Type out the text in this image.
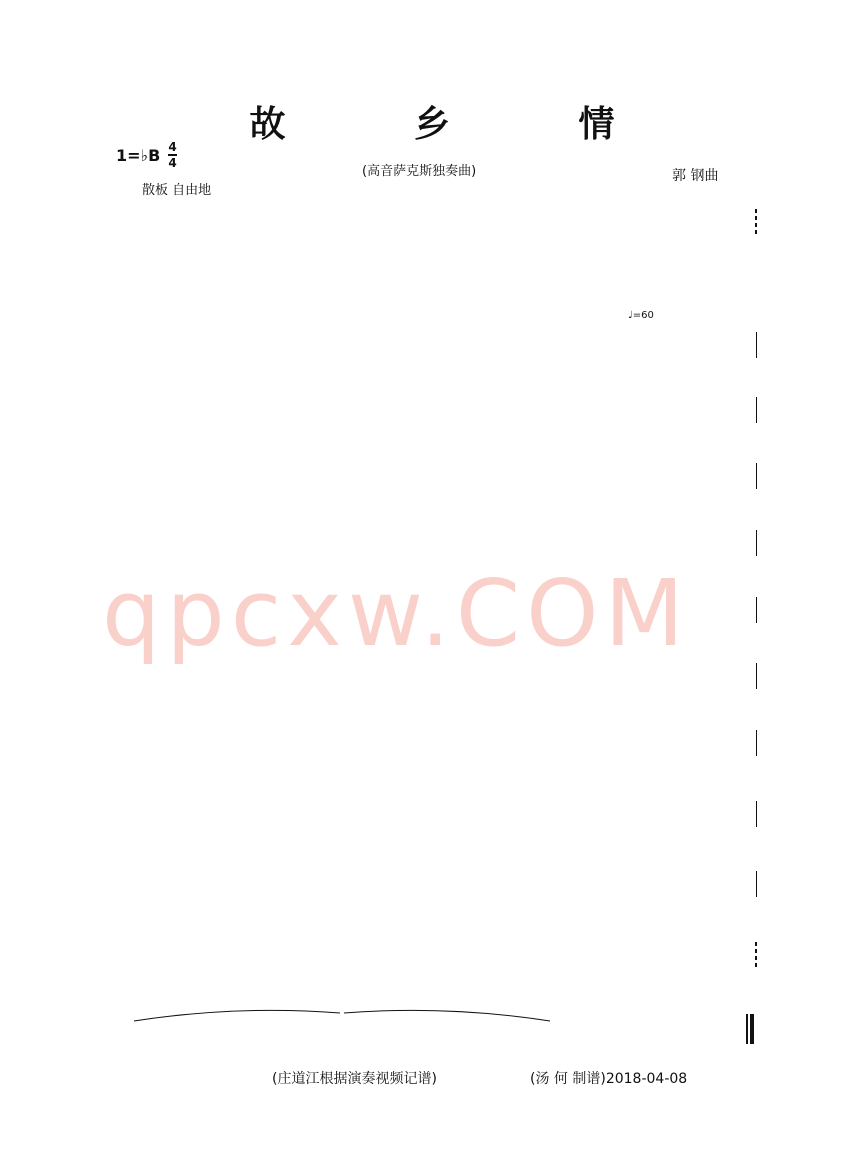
故 乡 情
1=♭B 4
4
(高音萨克斯独奏曲)	郭 钢曲
散板 自由地
♩=60

qpcxw.COM
(庄道江根据演奏视频记谱)	(汤 何 制谱)2018-04-08
